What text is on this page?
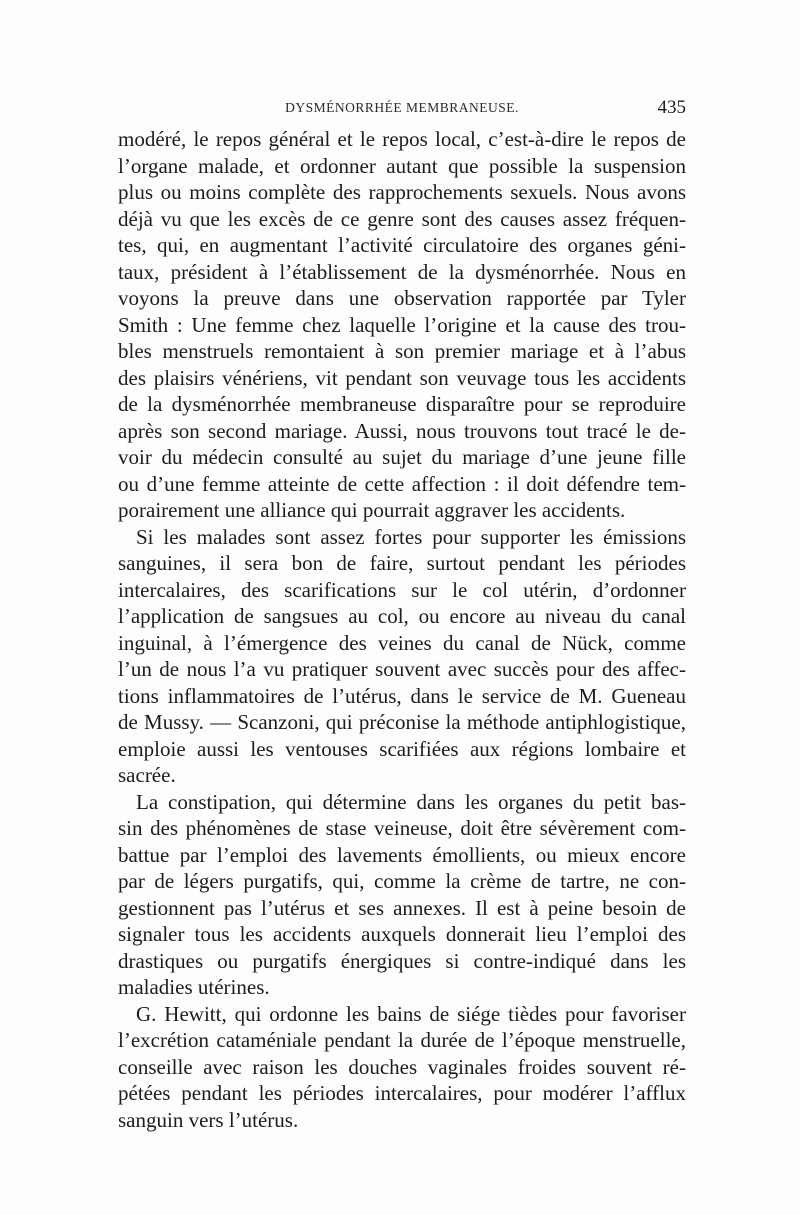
DYSMÉNORRHÉE MEMBRANEUSE.	435
modéré, le repos général et le repos local, c’est-à-dire le repos de
l’organe malade, et ordonner autant que possible la suspension
plus ou moins complète des rapprochements sexuels. Nous avons
déjà vu que les excès de ce genre sont des causes assez fréquen-
tes, qui, en augmentant l’activité circulatoire des organes géni-
taux, président à l’établissement de la dysménorrhée. Nous en
voyons la preuve dans une observation rapportée par Tyler
Smith : Une femme chez laquelle l’origine et la cause des trou-
bles menstruels remontaient à son premier mariage et à l’abus
des plaisirs vénériens, vit pendant son veuvage tous les accidents
de la dysménorrhée membraneuse disparaître pour se reproduire
après son second mariage. Aussi, nous trouvons tout tracé le de-
voir du médecin consulté au sujet du mariage d’une jeune fille
ou d’une femme atteinte de cette affection : il doit défendre tem-
porairement une alliance qui pourrait aggraver les accidents.
Si les malades sont assez fortes pour supporter les émissions
sanguines, il sera bon de faire, surtout pendant les périodes
intercalaires, des scarifications sur le col utérin, d’ordonner
l’application de sangsues au col, ou encore au niveau du canal
inguinal, à l’émergence des veines du canal de Nück, comme
l’un de nous l’a vu pratiquer souvent avec succès pour des affec-
tions inflammatoires de l’utérus, dans le service de M. Gueneau
de Mussy. — Scanzoni, qui préconise la méthode antiphlogistique,
emploie aussi les ventouses scarifiées aux régions lombaire et
sacrée.
La constipation, qui détermine dans les organes du petit bas-
sin des phénomènes de stase veineuse, doit être sévèrement com-
battue par l’emploi des lavements émollients, ou mieux encore
par de légers purgatifs, qui, comme la crème de tartre, ne con-
gestionnent pas l’utérus et ses annexes. Il est à peine besoin de
signaler tous les accidents auxquels donnerait lieu l’emploi des
drastiques ou purgatifs énergiques si contre-indiqué dans les
maladies utérines.
G. Hewitt, qui ordonne les bains de siége tièdes pour favoriser
l’excrétion cataméniale pendant la durée de l’époque menstruelle,
conseille avec raison les douches vaginales froides souvent ré-
pétées pendant les périodes intercalaires, pour modérer l’afflux
sanguin vers l’utérus.
